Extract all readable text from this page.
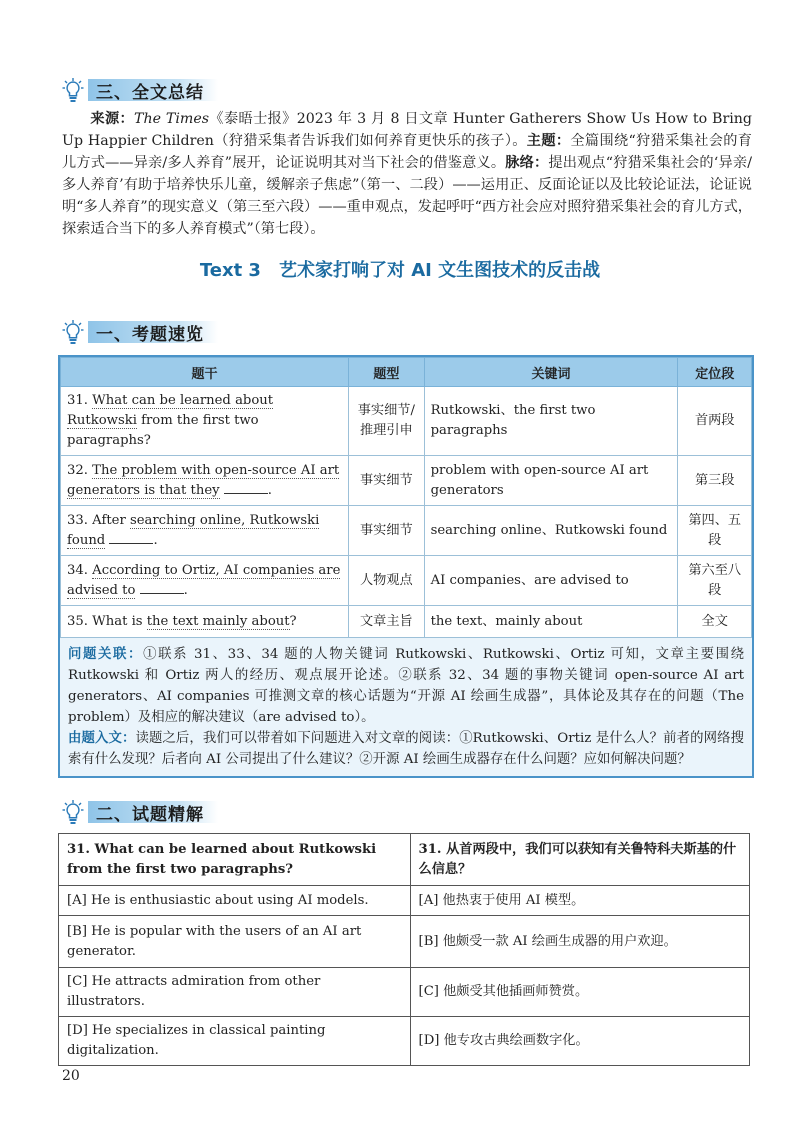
三、全文总结

来源：The Times《泰晤士报》2023 年 3 月 8 日文章 Hunter Gatherers Show Us How to Bring Up Happier Children（狩猎采集者告诉我们如何养育更快乐的孩子）。主题：全篇围绕“狩猎采集社会的育儿方式——异亲/多人养育”展开，论证说明其对当下社会的借鉴意义。脉络：提出观点“狩猎采集社会的‘异亲/多人养育’有助于培养快乐儿童，缓解亲子焦虑”（第一、二段）——运用正、反面论证以及比较论证法，论证说明“多人养育”的现实意义（第三至六段）——重申观点，发起呼吁“西方社会应对照狩猎采集社会的育儿方式，探索适合当下的多人养育模式”（第七段）。

Text 3　艺术家打响了对 AI 文生图技术的反击战
一、考题速览
题干	题型	关键词	定位段
31. What can be learned about Rutkowski from the first two paragraphs?	事实细节/推理引申	Rutkowski、the first two paragraphs	首两段
32. The problem with open-source AI art generators is that they .	事实细节	problem with open-source AI art generators	第三段
33. After searching online, Rutkowski found .	事实细节	searching online、Rutkowski found	第四、五段
34. According to Ortiz, AI companies are advised to .	人物观点	AI companies、are advised to	第六至八段
35. What is the text mainly about?	文章主旨	the text、mainly about	全文
问题关联：①联系 31、33、34 题的人物关键词 Rutkowski、Rutkowski、Ortiz 可知，文章主要围绕 Rutkowski 和 Ortiz 两人的经历、观点展开论述。②联系 32、34 题的事物关键词 open-source AI art generators、AI companies 可推测文章的核心话题为“开源 AI 绘画生成器”，具体论及其存在的问题（The problem）及相应的解决建议（are advised to）。
由题入文：读题之后，我们可以带着如下问题进入对文章的阅读：①Rutkowski、Ortiz 是什么人？前者的网络搜索有什么发现？后者向 AI 公司提出了什么建议？②开源 AI 绘画生成器存在什么问题？应如何解决问题？
二、试题精解
31. What can be learned about Rutkowski from the first two paragraphs?	31. 从首两段中，我们可以获知有关鲁特科夫斯基的什么信息？
[A] He is enthusiastic about using AI models.	[A] 他热衷于使用 AI 模型。
[B] He is popular with the users of an AI art generator.	[B] 他颇受一款 AI 绘画生成器的用户欢迎。
[C] He attracts admiration from other illustrators.	[C] 他颇受其他插画师赞赏。
[D] He specializes in classical painting digitalization.	[D] 他专攻古典绘画数字化。
20
